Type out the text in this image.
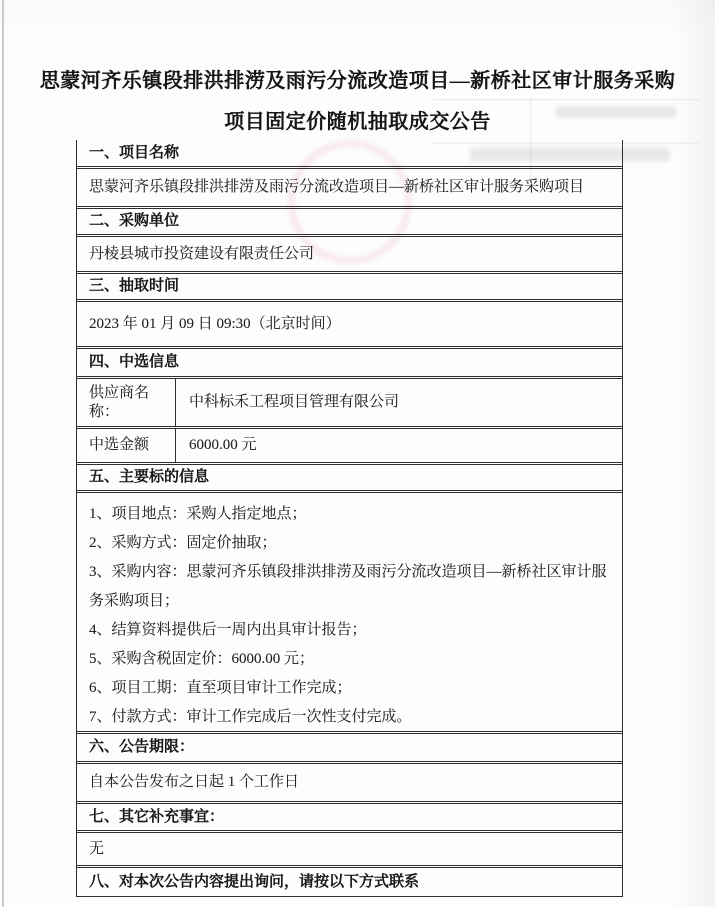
思蒙河齐乐镇段排洪排涝及雨污分流改造项目—新桥社区审计服务采购
项目固定价随机抽取成交公告
一、项目名称
思蒙河齐乐镇段排洪排涝及雨污分流改造项目—新桥社区审计服务采购项目
二、采购单位
丹棱县城市投资建设有限责任公司
三、抽取时间
2023 年 01 月 09 日 09:30（北京时间）
四、中选信息
供应商名称：
中科标禾工程项目管理有限公司
中选金额	6000.00 元
五、主要标的信息
1、项目地点：采购人指定地点；
2、采购方式：固定价抽取；
3、采购内容：思蒙河齐乐镇段排洪排涝及雨污分流改造项目—新桥社区审计服务采购项目；
4、结算资料提供后一周内出具审计报告；
5、采购含税固定价：6000.00 元；
6、项目工期：直至项目审计工作完成；
7、付款方式：审计工作完成后一次性支付完成。
六、公告期限：
自本公告发布之日起 1 个工作日
七、其它补充事宜：
无
八、对本次公告内容提出询问，请按以下方式联系
